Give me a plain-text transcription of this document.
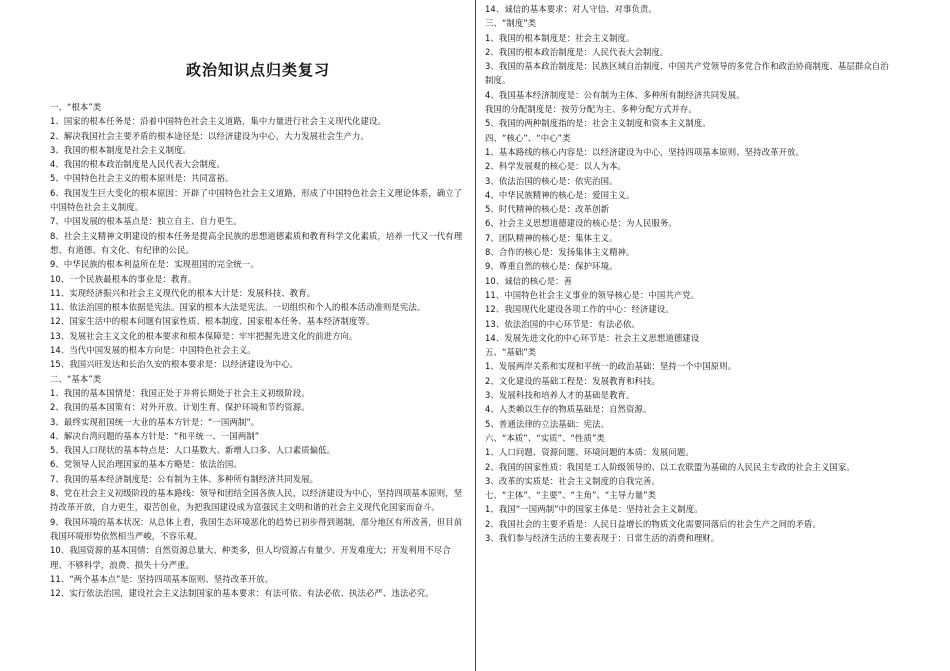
政治知识点归类复习
一、“根本”类
1、国家的根本任务是：沿着中国特色社会主义道路，集中力量进行社会主义现代化建设。
2、解决我国社会主要矛盾的根本途径是：以经济建设为中心，大力发展社会生产力。
3、我国的根本制度是社会主义制度。
4、我国的根本政治制度是人民代表大会制度。
5、中国特色社会主义的根本原则是：共同富裕。
6、我国发生巨大变化的根本原因：开辟了中国特色社会主义道路，形成了中国特色社会主义理论体系，确立了中国特色社会主义制度。
7、中国发展的根本基点是：独立自主、自力更生。
8、社会主义精神文明建设的根本任务是提高全民族的思想道德素质和教育科学文化素质，培养一代又一代有理想、有道德、有文化、有纪律的公民。
9、中华民族的根本利益所在是：实现祖国的完全统一。
10、一个民族最根本的事业是：教育。
11、实现经济振兴和社会主义现代化的根本大计是：发展科技、教育。
11、依法治国的根本依据是宪法。国家的根本大法是宪法。一切组织和个人的根本活动准则是宪法。
12、国家生活中的根本问题有国家性质、根本制度、国家根本任务、基本经济制度等。
13、发展社会主义文化的根本要求和根本保障是：牢牢把握先进文化的前进方向。
14、当代中国发展的根本方向是：中国特色社会主义。
15、我国兴旺发达和长治久安的根本要求是：以经济建设为中心。
二、“基本”类
1、我国的基本国情是：我国正处于并将长期处于社会主义初级阶段。
2、我国的基本国策有：对外开放、计划生育、保护环境和节约资源。
3、最终实现祖国统一大业的基本方针是：“一国两制”。
4、解决台湾问题的基本方针是：“和平统一、一国两制”
5、我国人口现状的基本特点是：人口基数大、新增人口多、人口素质偏低。
6、党领导人民治理国家的基本方略是：依法治国。
7、我国的基本经济制度是：公有制为主体、多种所有制经济共同发展。
8、党在社会主义初级阶段的基本路线：领导和团结全国各族人民，以经济建设为中心，坚持四项基本原则，坚持改革开放，自力更生，艰苦创业，为把我国建设成为富强民主文明和谐的社会主义现代化国家而奋斗。
9、我国环境的基本状况：从总体上看，我国生态环境恶化的趋势已初步得到遏制，部分地区有所改善，但目前我国环境形势依然相当严峻，不容乐观。
10、我国资源的基本国情：自然资源总量大、种类多，但人均资源占有量少、开发难度大；开发利用不尽合理、不够科学，浪费、损失十分严重。
11、“两个基本点”是：坚持四项基本原则、坚持改革开放。
12、实行依法治国，建设社会主义法制国家的基本要求：有法可依、有法必依、执法必严、违法必究。
14、诚信的基本要求：对人守信、对事负责。
三、“制度”类
1、我国的根本制度是：社会主义制度。
2、我国的根本政治制度是：人民代表大会制度。
3、我国的基本政治制度是：民族区域自治制度、中国共产党领导的多党合作和政治协商制度、基层群众自治制度。
4、我国基本经济制度是：公有制为主体、多种所有制经济共同发展。
我国的分配制度是：按劳分配为主、多种分配方式并存。
5、我国的两种制度指的是：社会主义制度和资本主义制度。
四、“核心”、“中心”类
1、基本路线的核心内容是：以经济建设为中心，坚持四项基本原则、坚持改革开放。
2、科学发展观的核心是：以人为本。
3、依法治国的核心是：依宪治国。
4、中华民族精神的核心是：爱国主义。
5、时代精神的核心是：改革创新
6、社会主义思想道德建设的核心是：为人民服务。
7、团队精神的核心是：集体主义。
8、合作的核心是：发扬集体主义精神。
9、尊重自然的核心是：保护环境。
10、诚信的核心是：善
11、中国特色社会主义事业的领导核心是：中国共产党。
12、我国现代化建设各项工作的中心：经济建设。
13、依法治国的中心环节是：有法必依。
14、发展先进文化的中心环节是：社会主义思想道德建设
五、“基础”类
1、发展两岸关系和实现和平统一的政治基础：坚持一个中国原则。
2、文化建设的基础工程是：发展教育和科技。
3、发展科技和培养人才的基础是教育。
4、人类赖以生存的物质基础是：自然资源。
5、普通法律的立法基础：宪法。
六、“本质”、“实质”、“性质”类
1、人口问题、资源问题、环境问题的本质：发展问题。
2、我国的国家性质：我国是工人阶级领导的、以工农联盟为基础的人民民主专政的社会主义国家。
3、改革的实质是：社会主义制度的自我完善。
七、“主体”、“主要”、“主角”、“主导力量”类
1、我国“一国两制”中的国家主体是：坚持社会主义制度。
2、我国社会的主要矛盾是：人民日益增长的物质文化需要同落后的社会生产之间的矛盾。
3、我们参与经济生活的主要表现于：日常生活的消费和理财。
